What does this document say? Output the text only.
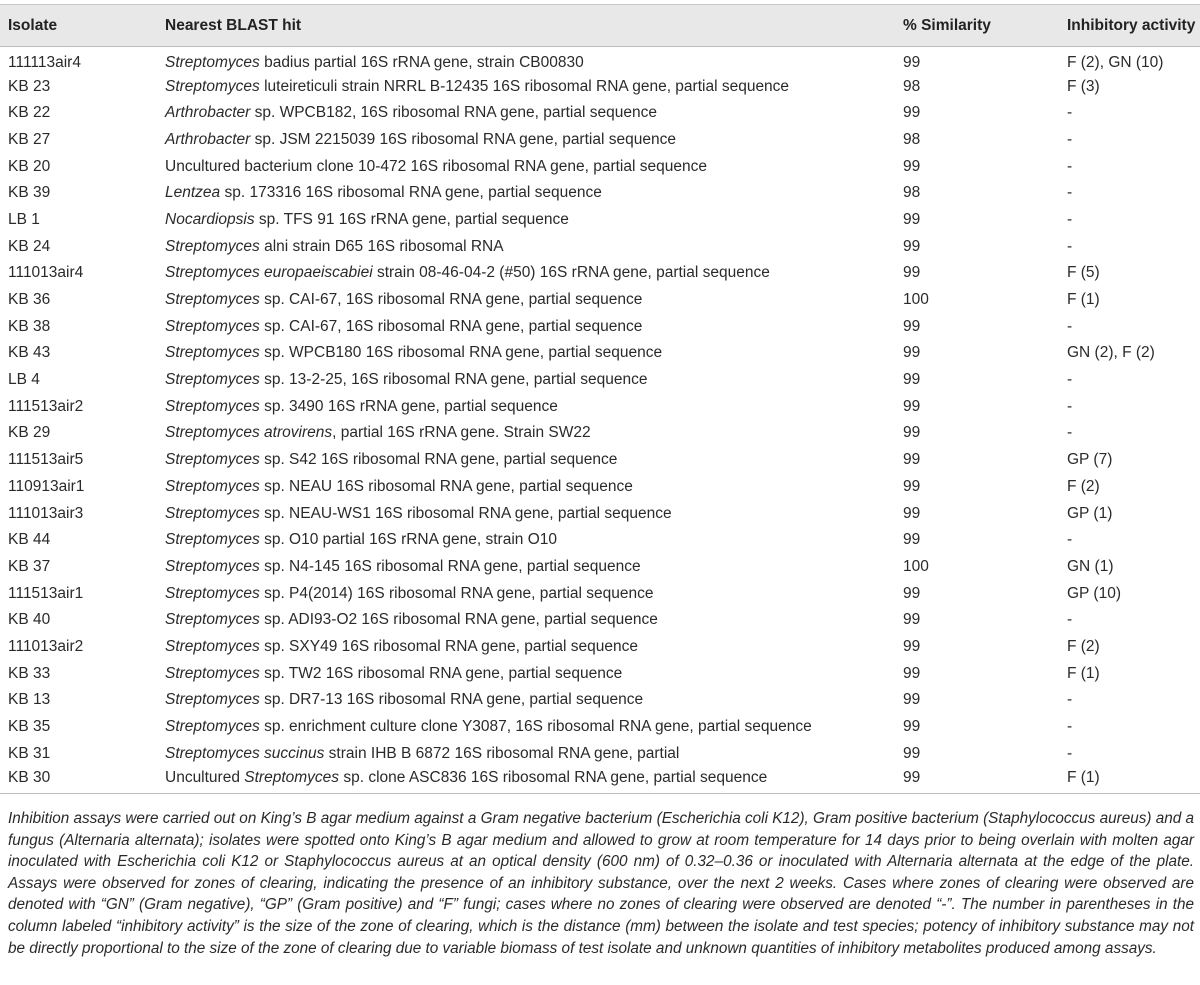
Isolate	Nearest BLAST hit	% Similarity	Inhibitory activity
111113air4	Streptomyces badius partial 16S rRNA gene, strain CB00830	99	F (2), GN (10)
KB 23	Streptomyces luteireticuli strain NRRL B-12435 16S ribosomal RNA gene, partial sequence	98	F (3)
KB 22	Arthrobacter sp. WPCB182, 16S ribosomal RNA gene, partial sequence	99	-
KB 27	Arthrobacter sp. JSM 2215039 16S ribosomal RNA gene, partial sequence	98	-
KB 20	Uncultured bacterium clone 10-472 16S ribosomal RNA gene, partial sequence	99	-
KB 39	Lentzea sp. 173316 16S ribosomal RNA gene, partial sequence	98	-
LB 1	Nocardiopsis sp. TFS 91 16S rRNA gene, partial sequence	99	-
KB 24	Streptomyces alni strain D65 16S ribosomal RNA	99	-
111013air4	Streptomyces europaeiscabiei strain 08-46-04-2 (#50) 16S rRNA gene, partial sequence	99	F (5)
KB 36	Streptomyces sp. CAI-67, 16S ribosomal RNA gene, partial sequence	100	F (1)
KB 38	Streptomyces sp. CAI-67, 16S ribosomal RNA gene, partial sequence	99	-
KB 43	Streptomyces sp. WPCB180 16S ribosomal RNA gene, partial sequence	99	GN (2), F (2)
LB 4	Streptomyces sp. 13-2-25, 16S ribosomal RNA gene, partial sequence	99	-
111513air2	Streptomyces sp. 3490 16S rRNA gene, partial sequence	99	-
KB 29	Streptomyces atrovirens, partial 16S rRNA gene. Strain SW22	99	-
111513air5	Streptomyces sp. S42 16S ribosomal RNA gene, partial sequence	99	GP (7)
110913air1	Streptomyces sp. NEAU 16S ribosomal RNA gene, partial sequence	99	F (2)
111013air3	Streptomyces sp. NEAU-WS1 16S ribosomal RNA gene, partial sequence	99	GP (1)
KB 44	Streptomyces sp. O10 partial 16S rRNA gene, strain O10	99	-
KB 37	Streptomyces sp. N4-145 16S ribosomal RNA gene, partial sequence	100	GN (1)
111513air1	Streptomyces sp. P4(2014) 16S ribosomal RNA gene, partial sequence	99	GP (10)
KB 40	Streptomyces sp. ADI93-O2 16S ribosomal RNA gene, partial sequence	99	-
111013air2	Streptomyces sp. SXY49 16S ribosomal RNA gene, partial sequence	99	F (2)
KB 33	Streptomyces sp. TW2 16S ribosomal RNA gene, partial sequence	99	F (1)
KB 13	Streptomyces sp. DR7-13 16S ribosomal RNA gene, partial sequence	99	-
KB 35	Streptomyces sp. enrichment culture clone Y3087, 16S ribosomal RNA gene, partial sequence	99	-
KB 31	Streptomyces succinus strain IHB B 6872 16S ribosomal RNA gene, partial	99	-
KB 30	Uncultured Streptomyces sp. clone ASC836 16S ribosomal RNA gene, partial sequence	99	F (1)

Inhibition assays were carried out on King’s B agar medium against a Gram negative bacterium (Escherichia coli K12), Gram positive bacterium (Staphylococcus aureus) and a fungus (Alternaria alternata); isolates were spotted onto King’s B agar medium and allowed to grow at room temperature for 14 days prior to being overlain with molten agar inoculated with Escherichia coli K12 or Staphylococcus aureus at an optical density (600 nm) of 0.32–0.36 or inoculated with Alternaria alternata at the edge of the plate. Assays were observed for zones of clearing, indicating the presence of an inhibitory substance, over the next 2 weeks. Cases where zones of clearing were observed are denoted with “GN” (Gram negative), “GP” (Gram positive) and “F” fungi; cases where no zones of clearing were observed are denoted “-”. The number in parentheses in the column labeled “inhibitory activity” is the size of the zone of clearing, which is the distance (mm) between the isolate and test species; potency of inhibitory substance may not be directly proportional to the size of the zone of clearing due to variable biomass of test isolate and unknown quantities of inhibitory metabolites produced among assays.
